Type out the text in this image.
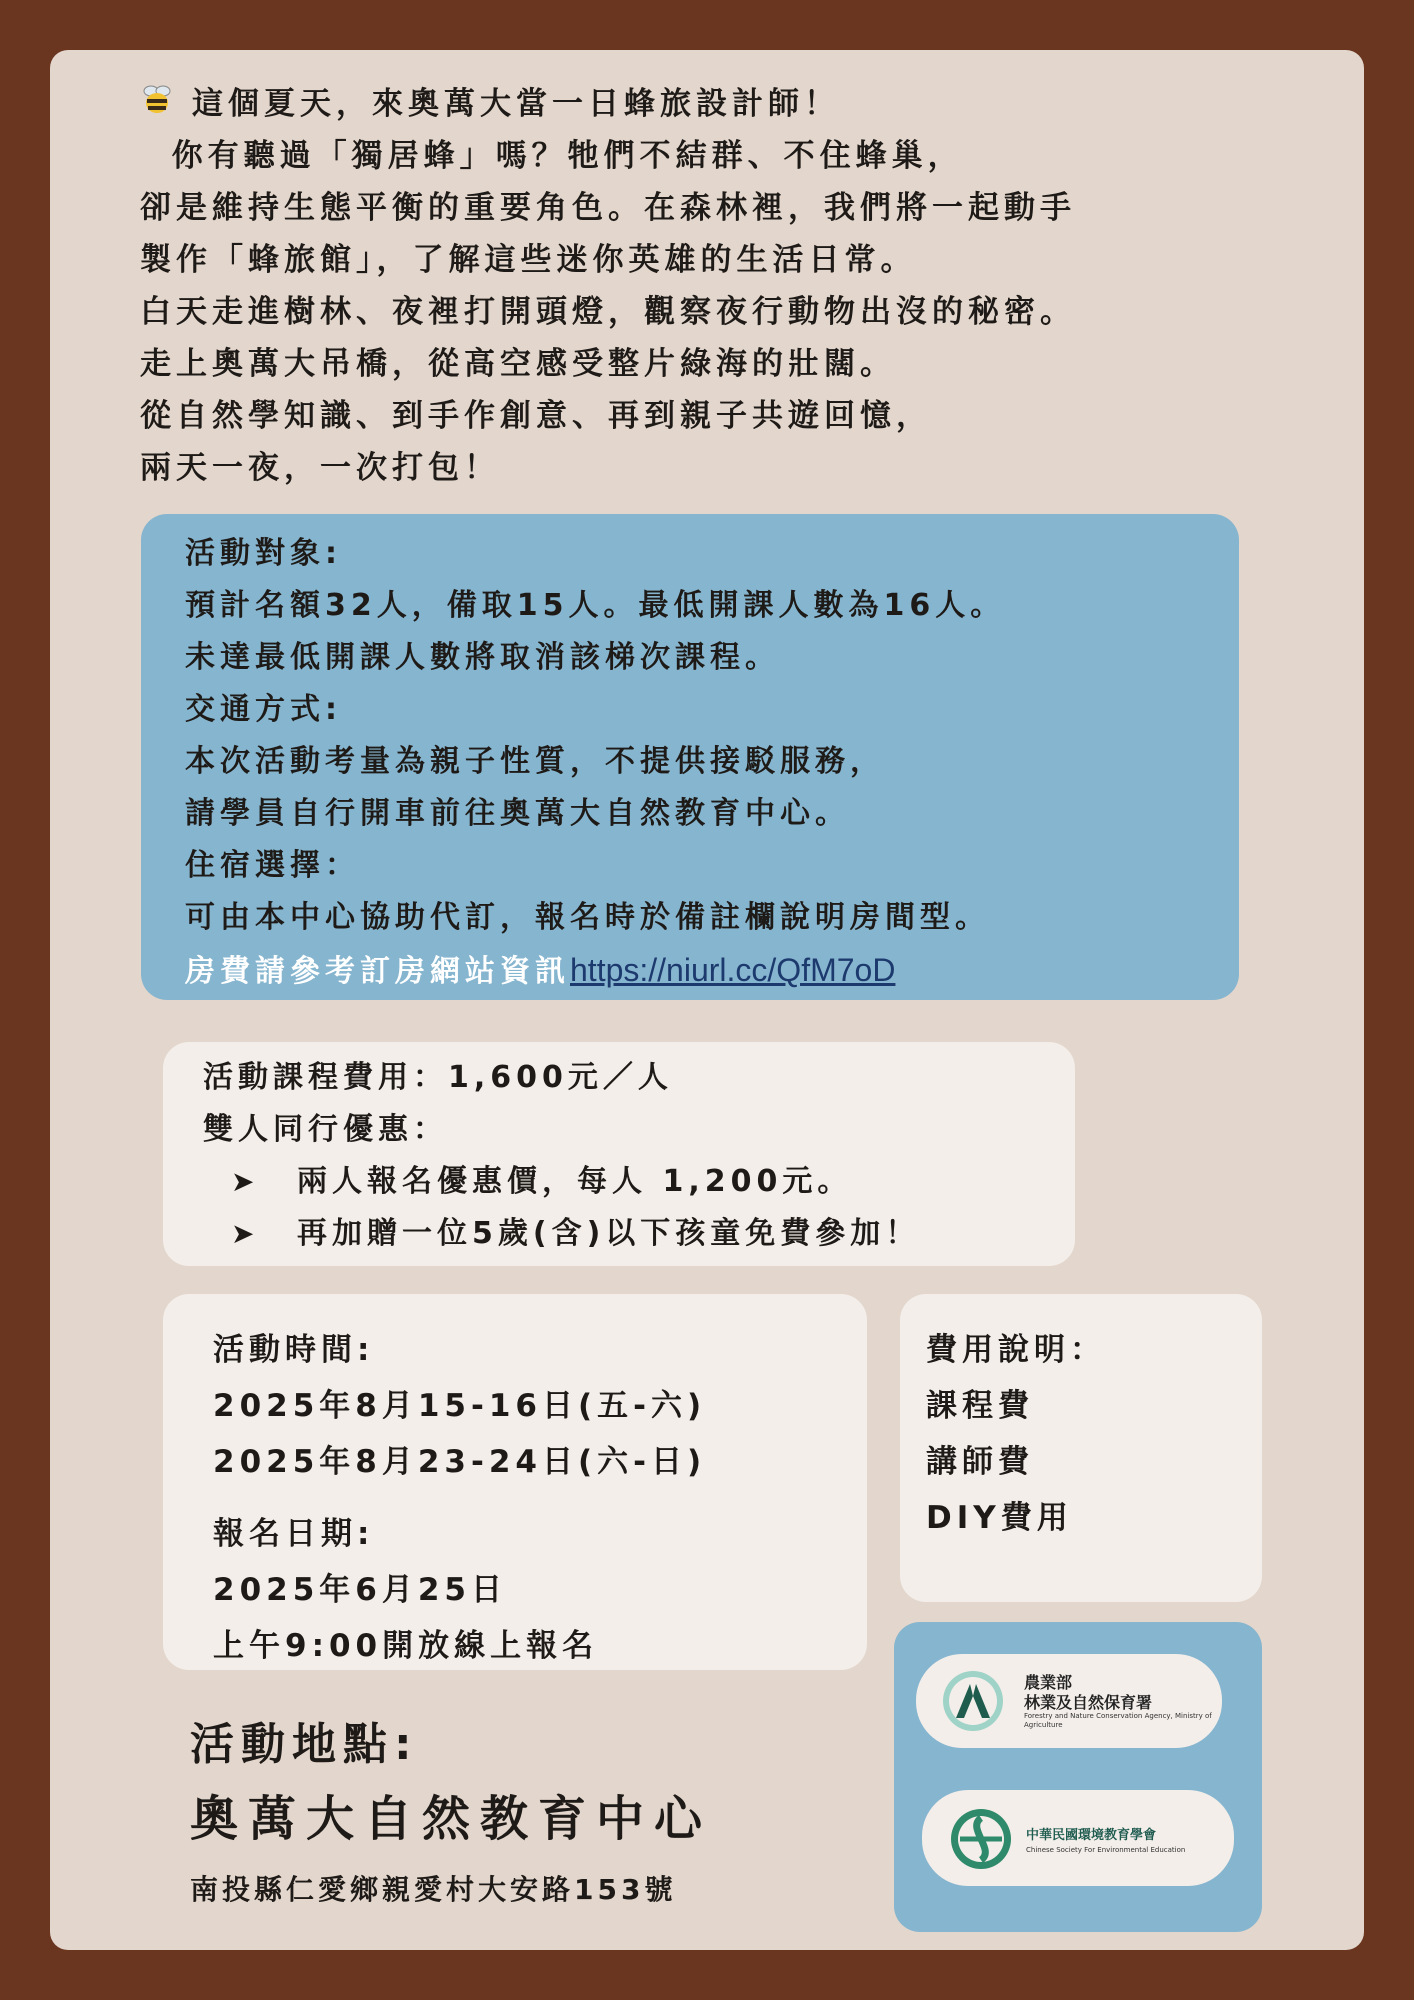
這個夏天，來奧萬大當一日蜂旅設計師！
你有聽過「獨居蜂」嗎？牠們不結群、不住蜂巢，
卻是維持生態平衡的重要角色。在森林裡，我們將一起動手
製作「蜂旅館」，了解這些迷你英雄的生活日常。
白天走進樹林、夜裡打開頭燈，觀察夜行動物出沒的秘密。
走上奧萬大吊橋，從高空感受整片綠海的壯闊。
從自然學知識、到手作創意、再到親子共遊回憶，
兩天一夜，一次打包！
活動對象:
預計名額32人，備取15人。最低開課人數為16人。
未達最低開課人數將取消該梯次課程。
交通方式:
本次活動考量為親子性質，不提供接駁服務，
請學員自行開車前往奧萬大自然教育中心。
住宿選擇：
可由本中心協助代訂，報名時於備註欄說明房間型。
房費請參考訂房網站資訊https://niurl.cc/QfM7oD
活動課程費用：1,600元／人
雙人同行優惠：
➤ 兩人報名優惠價，每人 1,200元。
➤ 再加贈一位5歲(含)以下孩童免費參加！
活動時間:
2025年8月15-16日(五-六)
2025年8月23-24日(六-日)
報名日期:
2025年6月25日
上午9:00開放線上報名
費用說明：
課程費
講師費
DIY費用
農業部
林業及自然保育署
Forestry and Nature Conservation Agency, Ministry of Agriculture
中華民國環境教育學會
Chinese Society For Environmental Education
活動地點:
奧萬大自然教育中心
南投縣仁愛鄉親愛村大安路153號
